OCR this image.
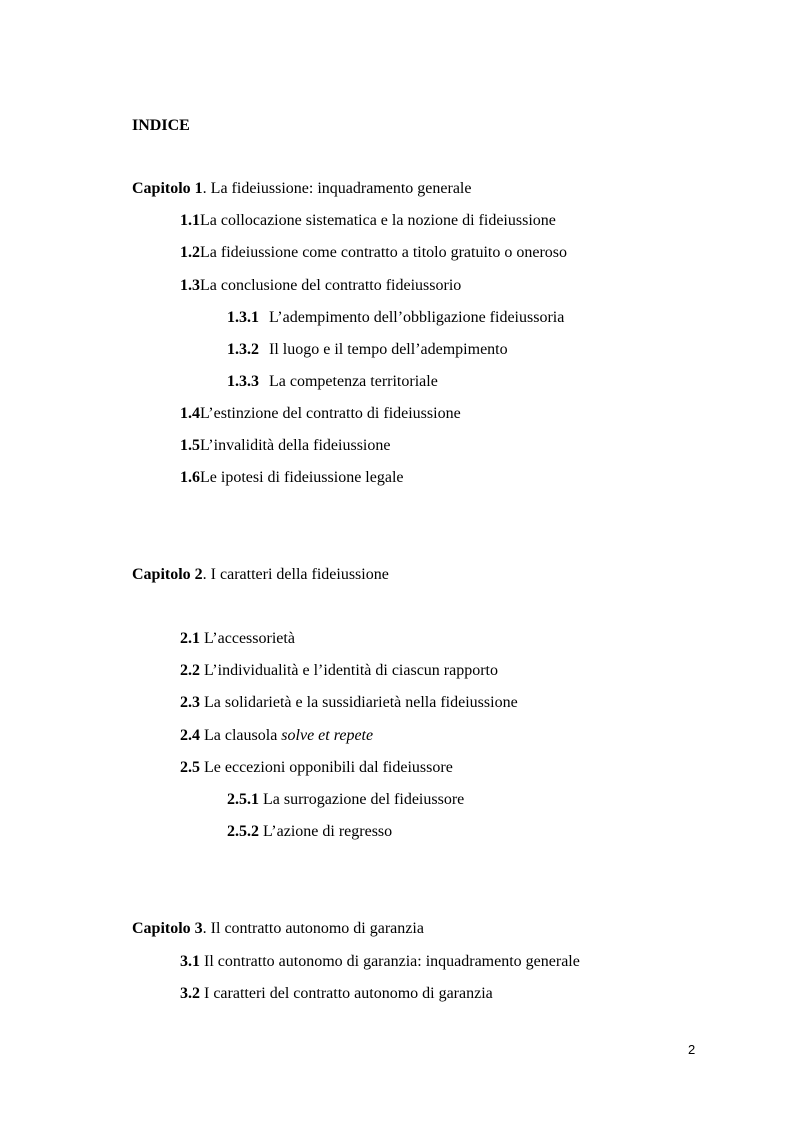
INDICE
Capitolo 1. La fideiussione: inquadramento generale
1.1La collocazione sistematica e la nozione di fideiussione
1.2La fideiussione come contratto a titolo gratuito o oneroso
1.3La conclusione del contratto fideiussorio
1.3.1 L’adempimento dell’obbligazione fideiussoria
1.3.2 Il luogo e il tempo dell’adempimento
1.3.3 La competenza territoriale
1.4L’estinzione del contratto di fideiussione
1.5L’invalidità della fideiussione
1.6Le ipotesi di fideiussione legale
Capitolo 2. I caratteri della fideiussione
2.1 L’accessorietà
2.2 L’individualità e l’identità di ciascun rapporto
2.3 La solidarietà e la sussidiarietà nella fideiussione
2.4 La clausola solve et repete
2.5 Le eccezioni opponibili dal fideiussore
2.5.1 La surrogazione del fideiussore
2.5.2 L’azione di regresso
Capitolo 3. Il contratto autonomo di garanzia
3.1 Il contratto autonomo di garanzia: inquadramento generale
3.2 I caratteri del contratto autonomo di garanzia
2
